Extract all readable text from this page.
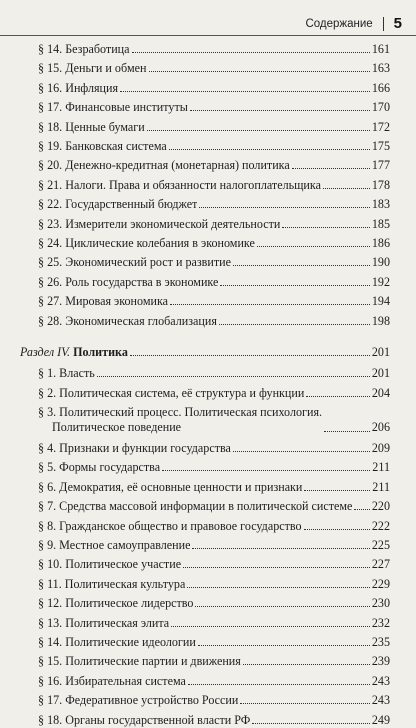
Содержание 5
§ 14. Безработица	161
§ 15. Деньги и обмен	163
§ 16. Инфляция	166
§ 17. Финансовые институты	170
§ 18. Ценные бумаги	172
§ 19. Банковская система	175
§ 20. Денежно-кредитная (монетарная) политика	177
§ 21. Налоги. Права и обязанности налогоплательщика	178
§ 22. Государственный бюджет	183
§ 23. Измерители экономической деятельности	185
§ 24. Циклические колебания в экономике	186
§ 25. Экономический рост и развитие	190
§ 26. Роль государства в экономике	192
§ 27. Мировая экономика	194
§ 28. Экономическая глобализация	198
Раздел IV. Политика	201
§ 1. Власть	201
§ 2. Политическая система, её структура и функции	204
§ 3. Политический процесс. Политическая психология.
Политическое поведение	206
§ 4. Признаки и функции государства	209
§ 5. Формы государства	211
§ 6. Демократия, её основные ценности и признаки	211
§ 7. Средства массовой информации в политической системе 220
§ 8. Гражданское общество и правовое государство	222
§ 9. Местное самоуправление	225
§ 10. Политическое участие	227
§ 11. Политическая культура	229
§ 12. Политическое лидерство	230
§ 13. Политическая элита	232
§ 14. Политические идеологии	235
§ 15. Политические партии и движения	239
§ 16. Избирательная система	243
§ 17. Федеративное устройство России	243
§ 18. Органы государственной власти РФ	249
